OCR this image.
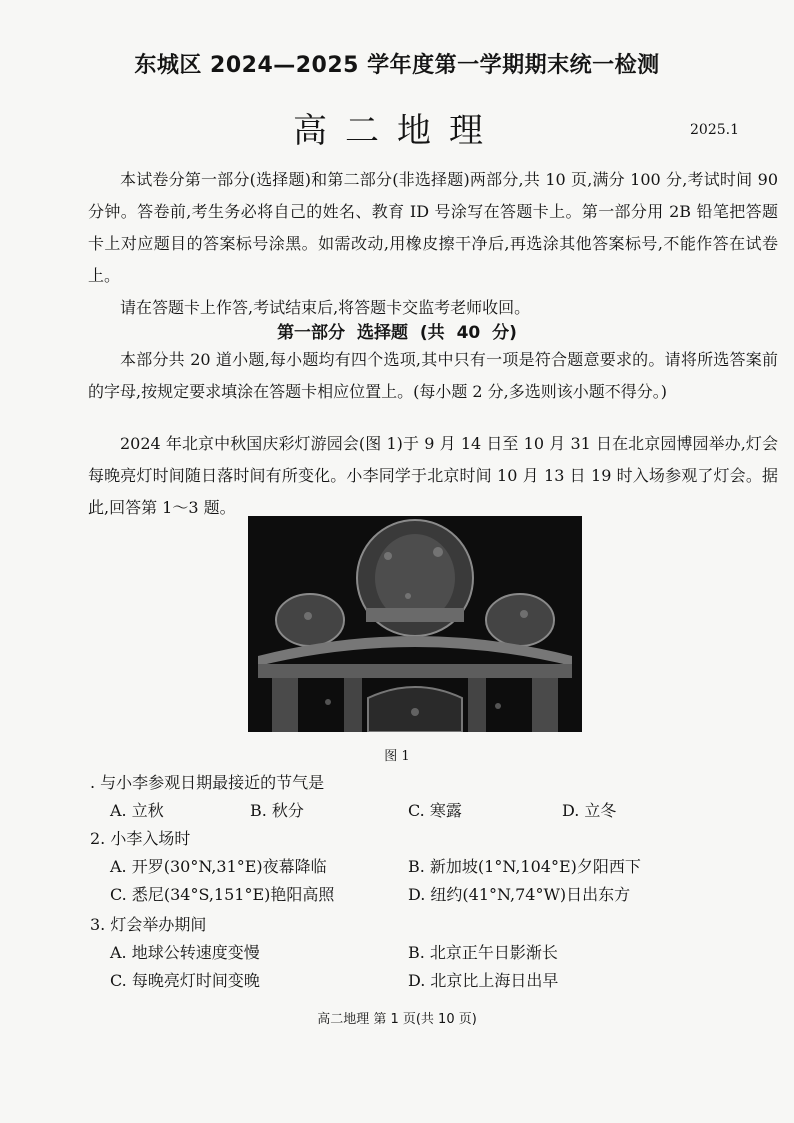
东城区 2024—2025 学年度第一学期期末统一检测
高二地理	2025.1

本试卷分第一部分(选择题)和第二部分(非选择题)两部分,共 10 页,满分 100 分,考试时间 90 分钟。答卷前,考生务必将自己的姓名、教育 ID 号涂写在答题卡上。第一部分用 2B 铅笔把答题卡上对应题目的答案标号涂黑。如需改动,用橡皮擦干净后,再选涂其他答案标号,不能作答在试卷上。

请在答题卡上作答,考试结束后,将答题卡交监考老师收回。

第一部分 选择题 (共 40 分)

本部分共 20 道小题,每小题均有四个选项,其中只有一项是符合题意要求的。请将所选答案前的字母,按规定要求填涂在答题卡相应位置上。(每小题 2 分,多选则该小题不得分。)

2024 年北京中秋国庆彩灯游园会(图 1)于 9 月 14 日至 10 月 31 日在北京园博园举办,灯会每晚亮灯时间随日落时间有所变化。小李同学于北京时间 10 月 13 日 19 时入场参观了灯会。据此,回答第 1～3 题。

图 1
. 与小李参观日期最接近的节气是
A. 立秋	B. 秋分	C. 寒露	D. 立冬
2. 小李入场时
A. 开罗(30°N,31°E)夜幕降临	B. 新加坡(1°N,104°E)夕阳西下
C. 悉尼(34°S,151°E)艳阳高照	D. 纽约(41°N,74°W)日出东方
3. 灯会举办期间
A. 地球公转速度变慢	B. 北京正午日影渐长
C. 每晚亮灯时间变晚	D. 北京比上海日出早
高二地理 第 1 页(共 10 页)
